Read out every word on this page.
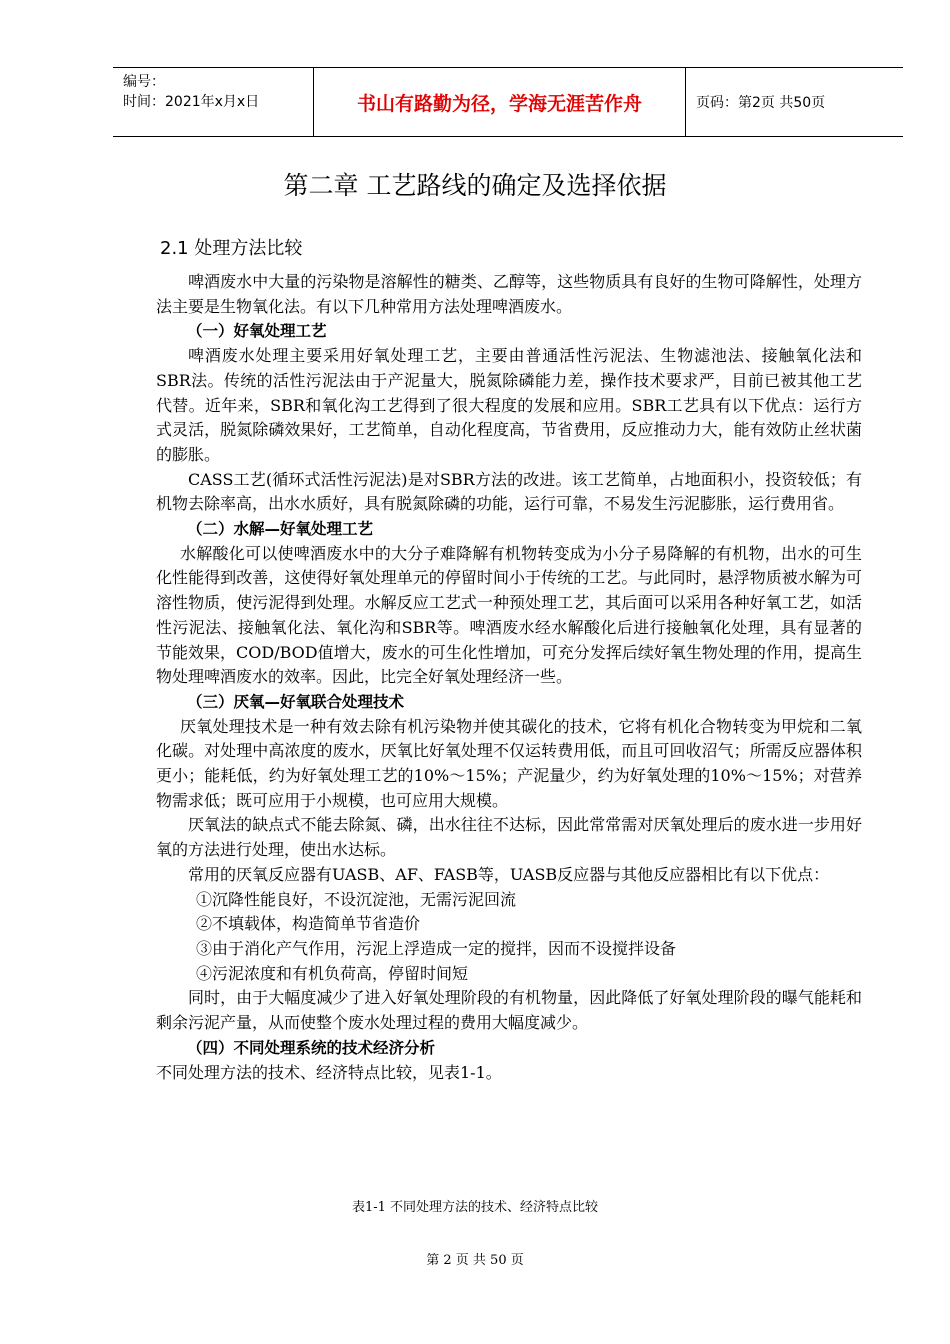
编号：
时间：2021年x月x日	书山有路勤为径，学海无涯苦作舟	页码：第2页 共50页
第二章 工艺路线的确定及选择依据
2.1 处理方法比较

啤酒废水中大量的污染物是溶解性的糖类、乙醇等，这些物质具有良好的生物可降解性，处理方法主要是生物氧化法。有以下几种常用方法处理啤酒废水。

（一）好氧处理工艺

啤酒废水处理主要采用好氧处理工艺，主要由普通活性污泥法、生物滤池法、接触氧化法和SBR法。传统的活性污泥法由于产泥量大，脱氮除磷能力差，操作技术要求严，目前已被其他工艺代替。近年来，SBR和氧化沟工艺得到了很大程度的发展和应用。SBR工艺具有以下优点：运行方式灵活，脱氮除磷效果好，工艺简单，自动化程度高，节省费用，反应推动力大，能有效防止丝状菌的膨胀。

CASS工艺(循环式活性污泥法)是对SBR方法的改进。该工艺简单，占地面积小，投资较低；有机物去除率高，出水水质好，具有脱氮除磷的功能，运行可靠，不易发生污泥膨胀，运行费用省。

（二）水解—好氧处理工艺

水解酸化可以使啤酒废水中的大分子难降解有机物转变成为小分子易降解的有机物，出水的可生化性能得到改善，这使得好氧处理单元的停留时间小于传统的工艺。与此同时，悬浮物质被水解为可溶性物质，使污泥得到处理。水解反应工艺式一种预处理工艺，其后面可以采用各种好氧工艺，如活性污泥法、接触氧化法、氧化沟和SBR等。啤酒废水经水解酸化后进行接触氧化处理，具有显著的节能效果，COD/BOD值增大，废水的可生化性增加，可充分发挥后续好氧生物处理的作用，提高生物处理啤酒废水的效率。因此，比完全好氧处理经济一些。

（三）厌氧—好氧联合处理技术

厌氧处理技术是一种有效去除有机污染物并使其碳化的技术，它将有机化合物转变为甲烷和二氧化碳。对处理中高浓度的废水，厌氧比好氧处理不仅运转费用低，而且可回收沼气；所需反应器体积更小；能耗低，约为好氧处理工艺的10%～15%；产泥量少，约为好氧处理的10%～15%；对营养物需求低；既可应用于小规模，也可应用大规模。

厌氧法的缺点式不能去除氮、磷，出水往往不达标，因此常常需对厌氧处理后的废水进一步用好氧的方法进行处理，使出水达标。

常用的厌氧反应器有UASB、AF、FASB等，UASB反应器与其他反应器相比有以下优点：

①沉降性能良好，不设沉淀池，无需污泥回流

②不填载体，构造简单节省造价

③由于消化产气作用，污泥上浮造成一定的搅拌，因而不设搅拌设备

④污泥浓度和有机负荷高，停留时间短

同时，由于大幅度减少了进入好氧处理阶段的有机物量，因此降低了好氧处理阶段的曝气能耗和剩余污泥产量，从而使整个废水处理过程的费用大幅度减少。

（四）不同处理系统的技术经济分析

不同处理方法的技术、经济特点比较，见表1-1。

表1-1 不同处理方法的技术、经济特点比较
第 2 页 共 50 页
